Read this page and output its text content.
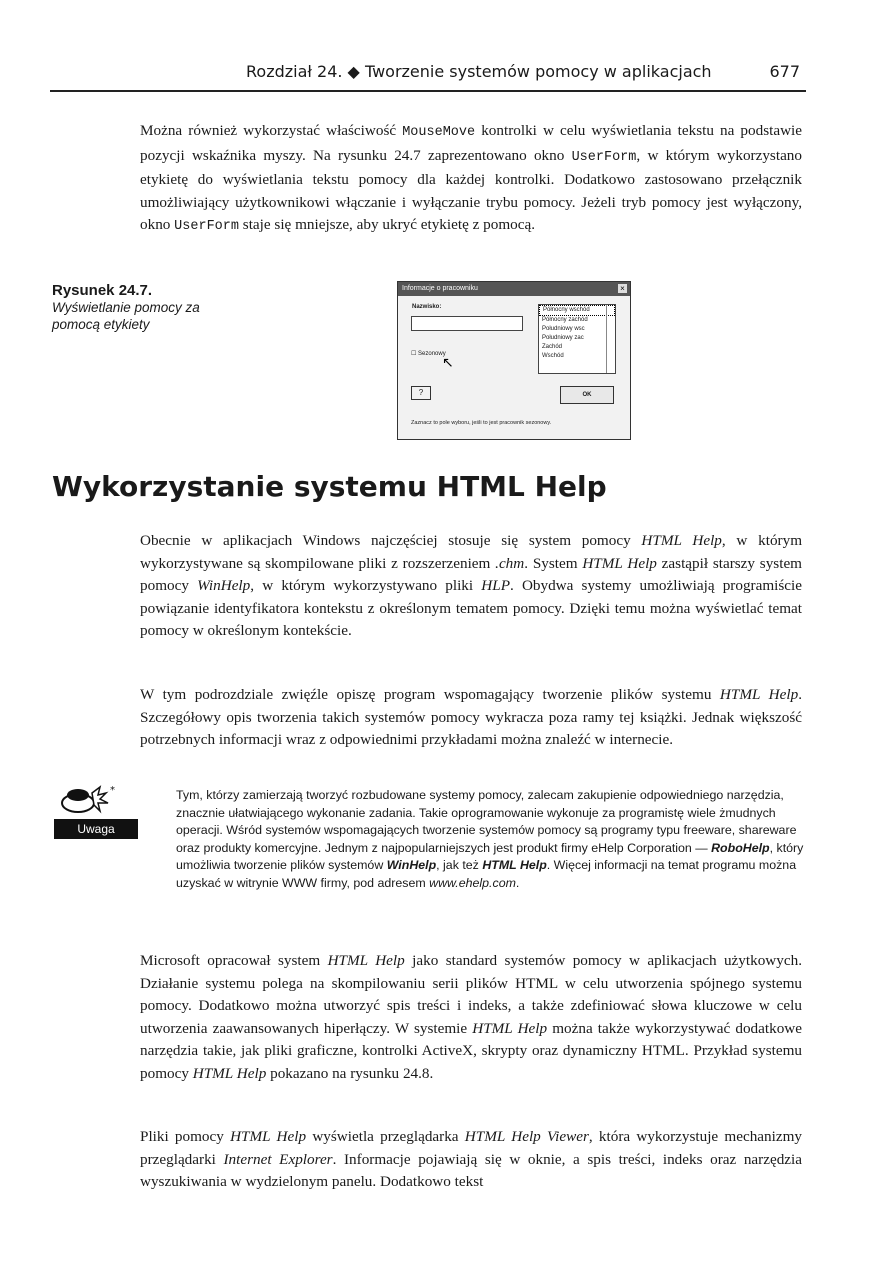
Rozdział 24. ◆ Tworzenie systemów pomocy w aplikacjach	677

Można również wykorzystać właściwość MouseMove kontrolki w celu wyświetlania tekstu na podstawie pozycji wskaźnika myszy. Na rysunku 24.7 zaprezentowano okno UserForm, w którym wykorzystano etykietę do wyświetlania tekstu pomocy dla każdej kontrolki. Dodatkowo zastosowano przełącznik umożliwiający użytkownikowi włączanie i wyłączanie trybu pomocy. Jeżeli tryb pomocy jest wyłączony, okno UserForm staje się mniejsze, aby ukryć etykietę z pomocą.

Rysunek 24.7.
Wyświetlanie pomocy za pomocą etykiety
Informacje o pracowniku	×
Nazwisko:
☐ Sezonowy
↖
Północny wschód
Północny zachód
Południowy wsc
Południowy zac
Zachód
Wschód
?	OK
Zaznacz to pole wyboru, jeśli to jest pracownik sezonowy.
Wykorzystanie systemu HTML Help

Obecnie w aplikacjach Windows najczęściej stosuje się system pomocy HTML Help, w którym wykorzystywane są skompilowane pliki z rozszerzeniem .chm. System HTML Help zastąpił starszy system pomocy WinHelp, w którym wykorzystywano pliki HLP. Obydwa systemy umożliwiają programiście powiązanie identyfikatora kontekstu z określonym tematem pomocy. Dzięki temu można wyświetlać temat pomocy w określonym kontekście.

W tym podrozdziale zwięźle opiszę program wspomagający tworzenie plików systemu HTML Help. Szczegółowy opis tworzenia takich systemów pomocy wykracza poza ramy tej książki. Jednak większość potrzebnych informacji wraz z odpowiednimi przykładami można znaleźć w internecie.

*
Uwaga

Tym, którzy zamierzają tworzyć rozbudowane systemy pomocy, zalecam zakupienie odpowiedniego narzędzia, znacznie ułatwiającego wykonanie zadania. Takie oprogramowanie wykonuje za programistę wiele żmudnych operacji. Wśród systemów wspomagających tworzenie systemów pomocy są programy typu freeware, shareware oraz produkty komercyjne. Jednym z najpopularniejszych jest produkt firmy eHelp Corporation — RoboHelp, który umożliwia tworzenie plików systemów WinHelp, jak też HTML Help. Więcej informacji na temat programu można uzyskać w witrynie WWW firmy, pod adresem www.ehelp.com.

Microsoft opracował system HTML Help jako standard systemów pomocy w aplikacjach użytkowych. Działanie systemu polega na skompilowaniu serii plików HTML w celu utworzenia spójnego systemu pomocy. Dodatkowo można utworzyć spis treści i indeks, a także zdefiniować słowa kluczowe w celu utworzenia zaawansowanych hiperłączy. W systemie HTML Help można także wykorzystywać dodatkowe narzędzia takie, jak pliki graficzne, kontrolki ActiveX, skrypty oraz dynamiczny HTML. Przykład systemu pomocy HTML Help pokazano na rysunku 24.8.

Pliki pomocy HTML Help wyświetla przeglądarka HTML Help Viewer, która wykorzystuje mechanizmy przeglądarki Internet Explorer. Informacje pojawiają się w oknie, a spis treści, indeks oraz narzędzia wyszukiwania w wydzielonym panelu. Dodatkowo tekst
